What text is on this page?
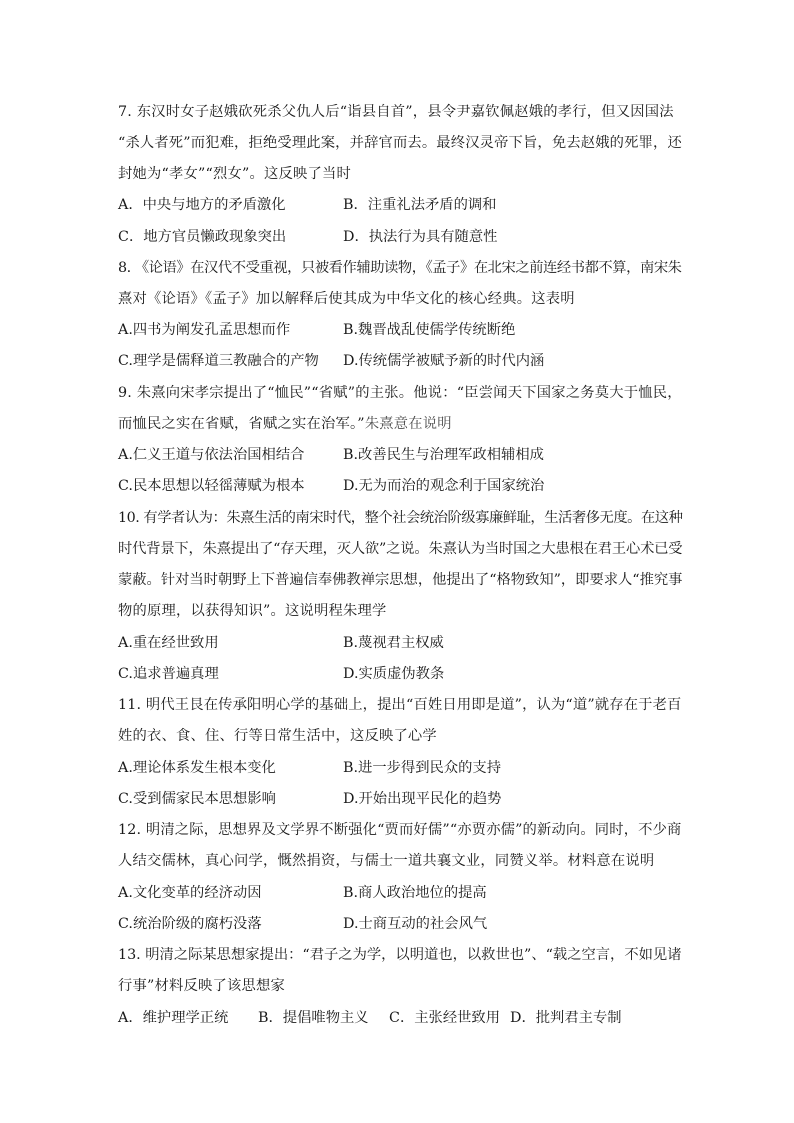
7. 东汉时女子赵娥砍死杀父仇人后“诣县自首”，县令尹嘉钦佩赵娥的孝行，但又因国法
“杀人者死”而犯难，拒绝受理此案，并辞官而去。最终汉灵帝下旨，免去赵娥的死罪，还
封她为“孝女”“烈女”。这反映了当时
A．中央与地方的矛盾激化	B．注重礼法矛盾的调和
C．地方官员懒政现象突出	D．执法行为具有随意性
8. 《论语》在汉代不受重视，只被看作辅助读物，《孟子》在北宋之前连经书都不算，南宋朱
熹对《论语》《孟子》加以解释后使其成为中华文化的核心经典。这表明
A.四书为阐发孔孟思想而作	B.魏晋战乱使儒学传统断绝
C.理学是儒释道三教融合的产物 D.传统儒学被赋予新的时代内涵
9. 朱熹向宋孝宗提出了“恤民”“省赋”的主张。他说：“臣尝闻天下国家之务莫大于恤民，
而恤民之实在省赋，省赋之实在治军。”朱熹意在说明
A.仁义王道与依法治国相结合	B.改善民生与治理军政相辅相成
C.民本思想以轻徭薄赋为根本	D.无为而治的观念利于国家统治
10. 有学者认为：朱熹生活的南宋时代，整个社会统治阶级寡廉鲜耻，生活奢侈无度。在这种
时代背景下，朱熹提出了“存天理，灭人欲”之说。朱熹认为当时国之大患根在君王心术已受
蒙蔽。针对当时朝野上下普遍信奉佛教禅宗思想，他提出了“格物致知”，即要求人“推究事
物的原理，以获得知识”。这说明程朱理学
A.重在经世致用	B.蔑视君主权威
C.追求普遍真理	D.实质虚伪教条
11. 明代王艮在传承阳明心学的基础上，提出“百姓日用即是道”，认为“道”就存在于老百
姓的衣、食、住、行等日常生活中，这反映了心学
A.理论体系发生根本变化	B.进一步得到民众的支持
C.受到儒家民本思想影响	D.开始出现平民化的趋势
12. 明清之际，思想界及文学界不断强化“贾而好儒”“亦贾亦儒”的新动向。同时，不少商
人结交儒林，真心问学，慨然捐资，与儒士一道共襄文业，同赞义举。材料意在说明
A.文化变革的经济动因	B.商人政治地位的提高
C.统治阶级的腐朽没落	D.士商互动的社会风气
13. 明清之际某思想家提出：“君子之为学，以明道也，以救世也”、“载之空言，不如见诸
行事”材料反映了该思想家
A．维护理学正统 B．提倡唯物主义 C．主张经世致用 D．批判君主专制
